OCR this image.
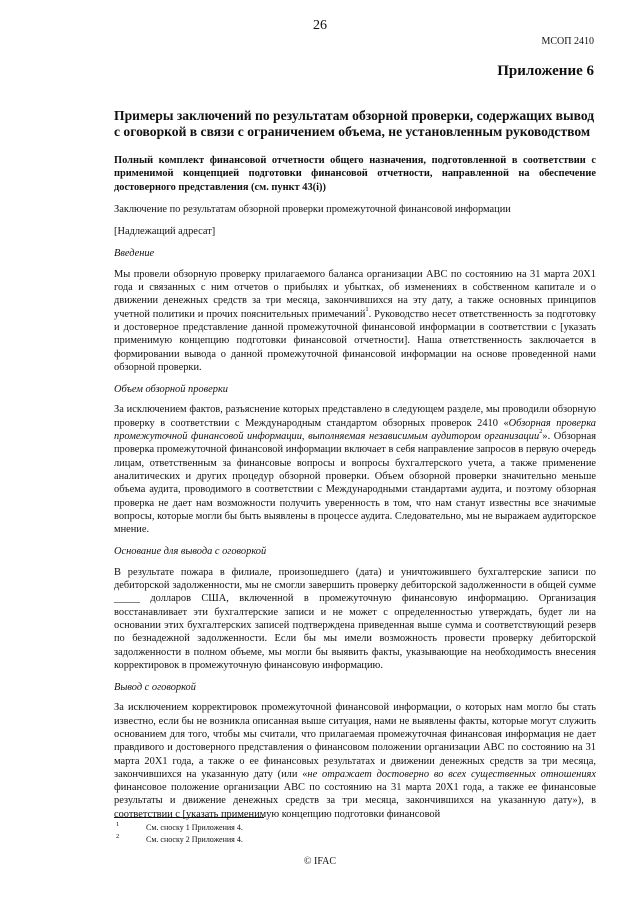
26
МСОП 2410
Приложение 6
Примеры заключений по результатам обзорной проверки, содержащих вывод с оговоркой в связи с ограничением объема, не установленным руководством
Полный комплект финансовой отчетности общего назначения, подготовленной в соответствии с применимой концепцией подготовки финансовой отчетности, направленной на обеспечение достоверного представления (см. пункт 43(i))

Заключение по результатам обзорной проверки промежуточной финансовой информации

[Надлежащий адресат]

Введение

Мы провели обзорную проверку прилагаемого баланса организации ABC по состоянию на 31 марта 20X1 года и связанных с ним отчетов о прибылях и убытках, об изменениях в собственном капитале и о движении денежных средств за три месяца, закончившихся на эту дату, а также основных принципов учетной политики и прочих пояснительных примечаний$^1$. Руководство несет ответственность за подготовку и достоверное представление данной промежуточной финансовой информации в соответствии с [указать применимую концепцию подготовки финансовой отчетности]. Наша ответственность заключается в формировании вывода о данной промежуточной финансовой информации на основе проведенной нами обзорной проверки.

Объем обзорной проверки

За исключением фактов, разъяснение которых представлено в следующем разделе, мы проводили обзорную проверку в соответствии с Международным стандартом обзорных проверок 2410 «Обзорная проверка промежуточной финансовой информации, выполняемая независимым аудитором организации$^2$». Обзорная проверка промежуточной финансовой информации включает в себя направление запросов в первую очередь лицам, ответственным за финансовые вопросы и вопросы бухгалтерского учета, а также применение аналитических и других процедур обзорной проверки. Объем обзорной проверки значительно меньше объема аудита, проводимого в соответствии с Международными стандартами аудита, и поэтому обзорная проверка не дает нам возможности получить уверенность в том, что нам станут известны все значимые вопросы, которые могли бы быть выявлены в процессе аудита. Следовательно, мы не выражаем аудиторское мнение.

Основание для вывода с оговоркой

В результате пожара в филиале, произошедшего (дата) и уничтожившего бухгалтерские записи по дебиторской задолженности, мы не смогли завершить проверку дебиторской задолженности в общей сумме _____ долларов США, включенной в промежуточную финансовую информацию. Организация восстанавливает эти бухгалтерские записи и не может с определенностью утверждать, будет ли на основании этих бухгалтерских записей подтверждена приведенная выше сумма и соответствующий резерв по безнадежной задолженности. Если бы мы имели возможность провести проверку дебиторской задолженности в полном объеме, мы могли бы выявить факты, указывающие на необходимость внесения корректировок в промежуточную финансовую информацию.

Вывод с оговоркой

За исключением корректировок промежуточной финансовой информации, о которых нам могло бы стать известно, если бы не возникла описанная выше ситуация, нами не выявлены факты, которые могут служить основанием для того, чтобы мы считали, что прилагаемая промежуточная финансовая информация не дает правдивого и достоверного представления о финансовом положении организации ABC по состоянию на 31 марта 20X1 года, а также о ее финансовых результатах и движении денежных средств за три месяца, закончившихся на указанную дату (или «не отражает достоверно во всех существенных отношениях финансовое положение организации ABC по состоянию на 31 марта 20X1 года, а также ее финансовые результаты и движение денежных средств за три месяца, закончившихся на указанную дату»), в соответствии с [указать применимую концепцию подготовки финансовой

1	См. сноску 1 Приложения 4.
2	См. сноску 2 Приложения 4.
© IFAC
